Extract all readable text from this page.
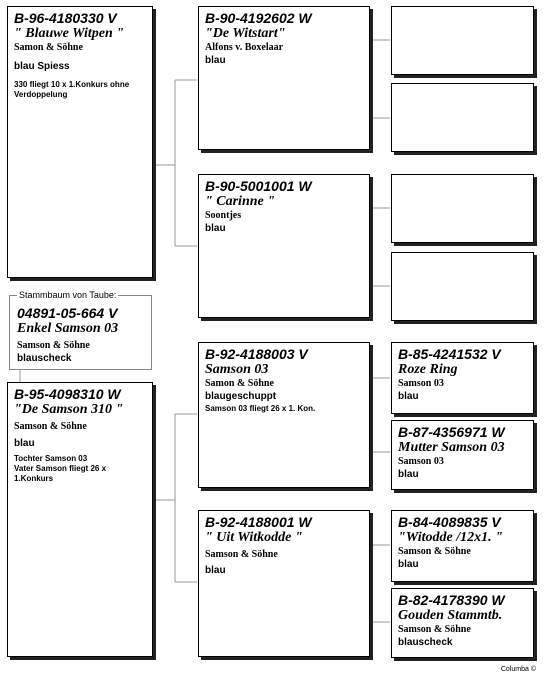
B-96-4180330 V
" Blauwe Witpen "
Samon & Söhne
blau Spiess
330 fliegt 10 x 1.Konkurs ohne Verdoppelung
Stammbaum von Taube:
04891-05-664 V
Enkel Samson 03
Samson & Söhne
blauscheck
B-95-4098310 W
"De Samson 310 "
Samson & Söhne
blau
Tochter Samson 03
Vater Samson fliegt 26 x 1.Konkurs
B-90-4192602 W
"De Witstart"
Alfons v. Boxelaar
blau
B-90-5001001 W
" Carinne "
Soontjes
blau
B-92-4188003 V
Samson 03
Samon & Söhne
blaugeschuppt
Samson 03 fliegt 26 x 1. Kon.
B-92-4188001 W
" Uit Witkodde "
Samson & Söhne
blau
B-85-4241532 V
Roze Ring
Samson 03
blau
B-87-4356971 W
Mutter Samson 03
Samson 03
blau
B-84-4089835 V
"Witodde /12x1. "
Samson & Söhne
blau
B-82-4178390 W
Gouden Stammtb.
Samson & Söhne
blauscheck
Columba ©
